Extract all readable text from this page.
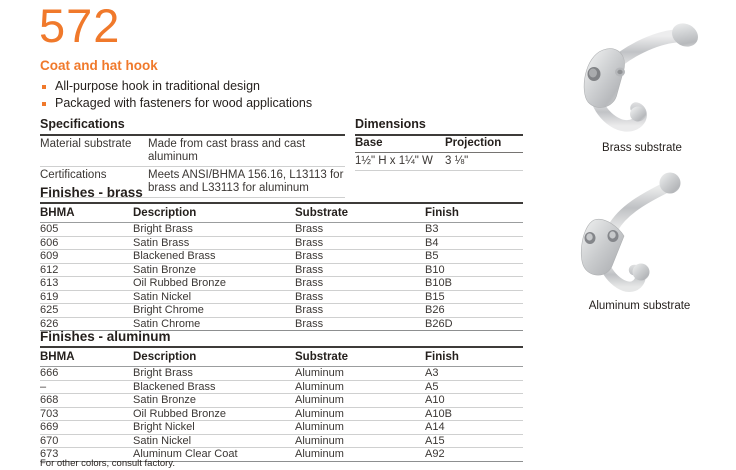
572
Coat and hat hook
All-purpose hook in traditional design
Packaged with fasteners for wood applications
Specifications
Material substrate	Made from cast brass and cast aluminum
Certifications	Meets ANSI/BHMA 156.16, L13113 for brass and L33113 for aluminum
Dimensions
Base	Projection
1½" H x 1¼" W	3 ⅛"
Finishes - brass
BHMA	Description	Substrate	Finish
605	Bright Brass	Brass	B3
606	Satin Brass	Brass	B4
609	Blackened Brass	Brass	B5
612	Satin Bronze	Brass	B10
613	Oil Rubbed Bronze	Brass	B10B
619	Satin Nickel	Brass	B15
625	Bright Chrome	Brass	B26
626	Satin Chrome	Brass	B26D
Finishes - aluminum
BHMA	Description	Substrate	Finish
666	Bright Brass	Aluminum	A3
–	Blackened Brass	Aluminum	A5
668	Satin Bronze	Aluminum	A10
703	Oil Rubbed Bronze	Aluminum	A10B
669	Bright Nickel	Aluminum	A14
670	Satin Nickel	Aluminum	A15
673	Aluminum Clear Coat	Aluminum	A92
For other colors, consult factory.
Brass substrate
Aluminum substrate
